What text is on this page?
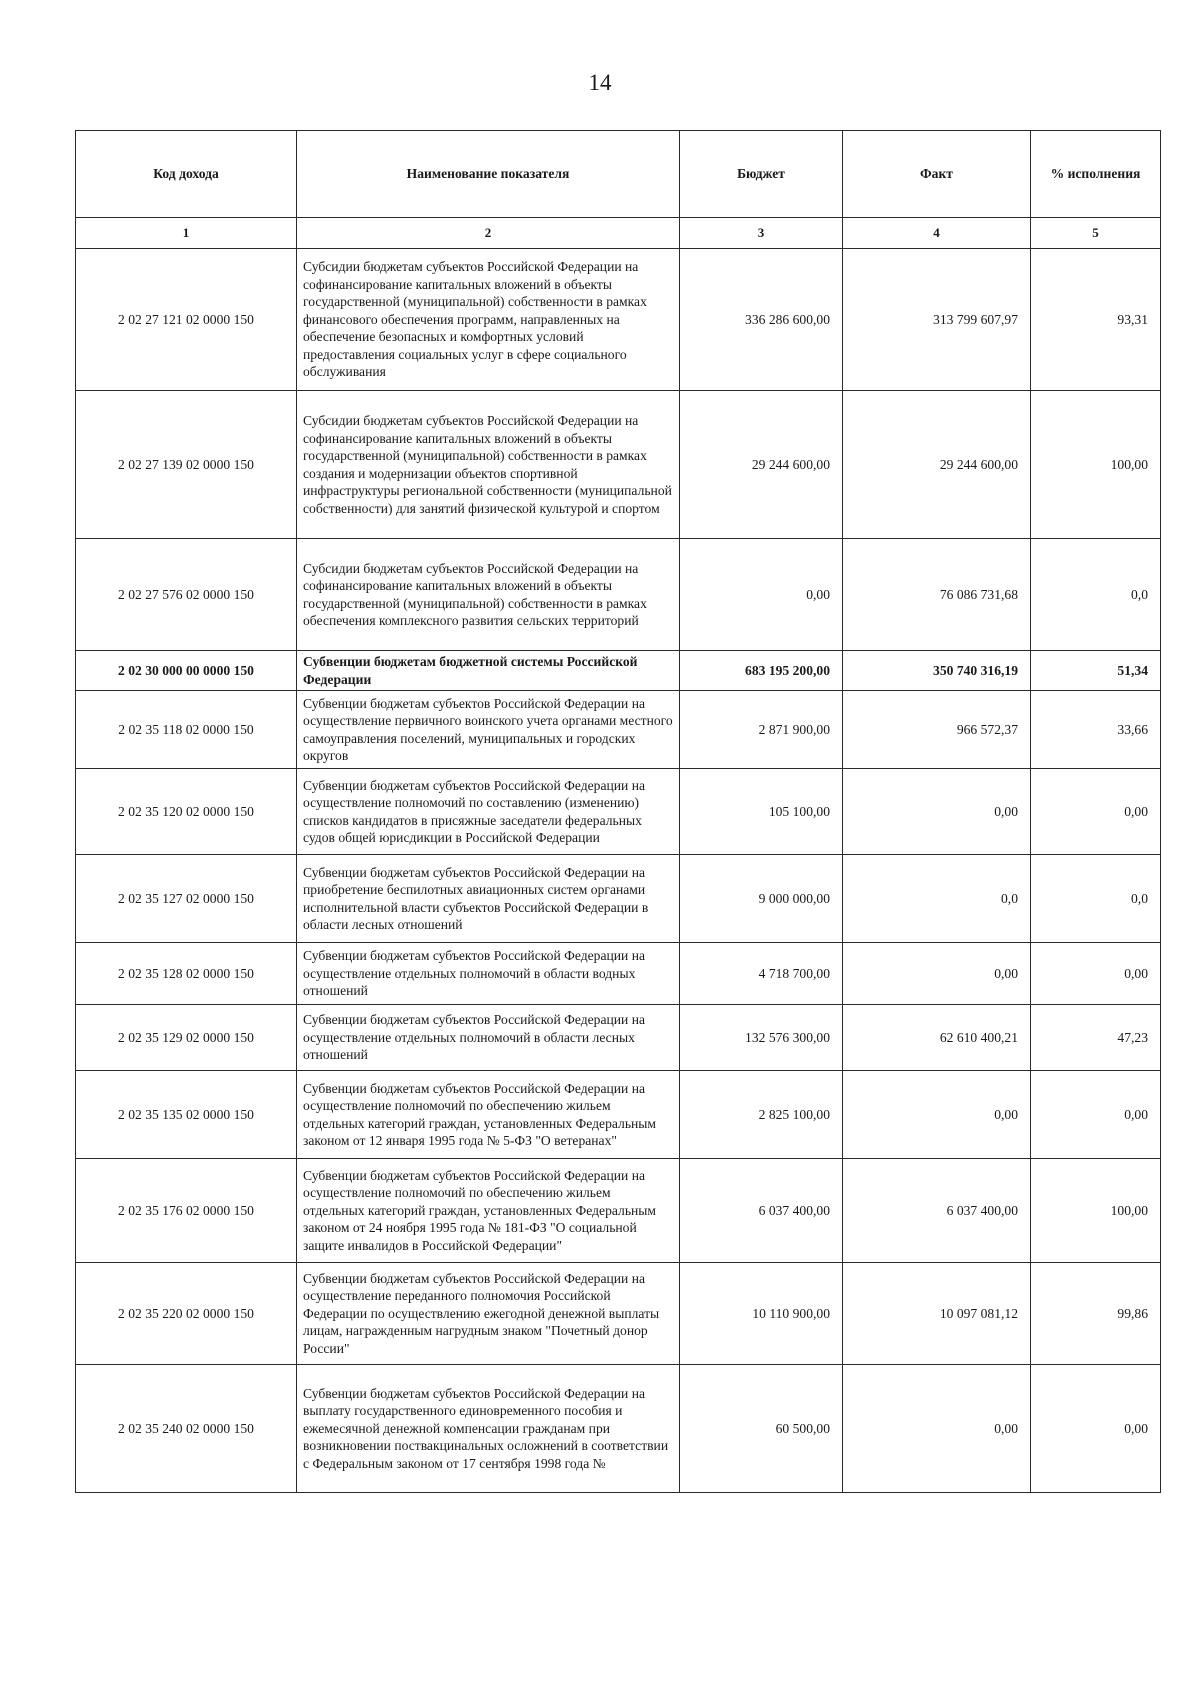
14
Код дохода	Наименование показателя	Бюджет	Факт	% исполнения
1	2	3	4	5
2 02 27 121 02 0000 150	Субсидии бюджетам субъектов Российской Федерации на софинансирование капитальных вложений в объекты государственной (муниципальной) собственности в рамках финансового обеспечения программ, направленных на обеспечение безопасных и комфортных условий предоставления социальных услуг в сфере социального обслуживания	336 286 600,00	313 799 607,97	93,31
2 02 27 139 02 0000 150	Субсидии бюджетам субъектов Российской Федерации на софинансирование капитальных вложений в объекты государственной (муниципальной) собственности в рамках создания и модернизации объектов спортивной инфраструктуры региональной собственности (муниципальной собственности) для занятий физической культурой и спортом	29 244 600,00	29 244 600,00	100,00
2 02 27 576 02 0000 150	Субсидии бюджетам субъектов Российской Федерации на софинансирование капитальных вложений в объекты государственной (муниципальной) собственности в рамках обеспечения комплексного развития сельских территорий	0,00	76 086 731,68	0,0
2 02 30 000 00 0000 150	Субвенции бюджетам бюджетной системы Российской Федерации	683 195 200,00	350 740 316,19	51,34
2 02 35 118 02 0000 150	Субвенции бюджетам субъектов Российской Федерации на осуществление первичного воинского учета органами местного самоуправления поселений, муниципальных и городских округов	2 871 900,00	966 572,37	33,66
2 02 35 120 02 0000 150	Субвенции бюджетам субъектов Российской Федерации на осуществление полномочий по составлению (изменению) списков кандидатов в присяжные заседатели федеральных судов общей юрисдикции в Российской Федерации	105 100,00	0,00	0,00
2 02 35 127 02 0000 150	Субвенции бюджетам субъектов Российской Федерации на приобретение беспилотных авиационных систем органами исполнительной власти субъектов Российской Федерации в области лесных отношений	9 000 000,00	0,0	0,0
2 02 35 128 02 0000 150	Субвенции бюджетам субъектов Российской Федерации на осуществление отдельных полномочий в области водных отношений	4 718 700,00	0,00	0,00
2 02 35 129 02 0000 150	Субвенции бюджетам субъектов Российской Федерации на осуществление отдельных полномочий в области лесных отношений	132 576 300,00	62 610 400,21	47,23
2 02 35 135 02 0000 150	Субвенции бюджетам субъектов Российской Федерации на осуществление полномочий по обеспечению жильем отдельных категорий граждан, установленных Федеральным законом от 12 января 1995 года № 5-ФЗ "О ветеранах"	2 825 100,00	0,00	0,00
2 02 35 176 02 0000 150	Субвенции бюджетам субъектов Российской Федерации на осуществление полномочий по обеспечению жильем отдельных категорий граждан, установленных Федеральным законом от 24 ноября 1995 года № 181-ФЗ "О социальной защите инвалидов в Российской Федерации"	6 037 400,00	6 037 400,00	100,00
2 02 35 220 02 0000 150	Субвенции бюджетам субъектов Российской Федерации на осуществление переданного полномочия Российской Федерации по осуществлению ежегодной денежной выплаты лицам, награжденным нагрудным знаком "Почетный донор России"	10 110 900,00	10 097 081,12	99,86
2 02 35 240 02 0000 150	Субвенции бюджетам субъектов Российской Федерации на выплату государственного единовременного пособия и ежемесячной денежной компенсации гражданам при возникновении поствакцинальных осложнений в соответствии с Федеральным законом от 17 сентября 1998 года №	60 500,00	0,00	0,00
